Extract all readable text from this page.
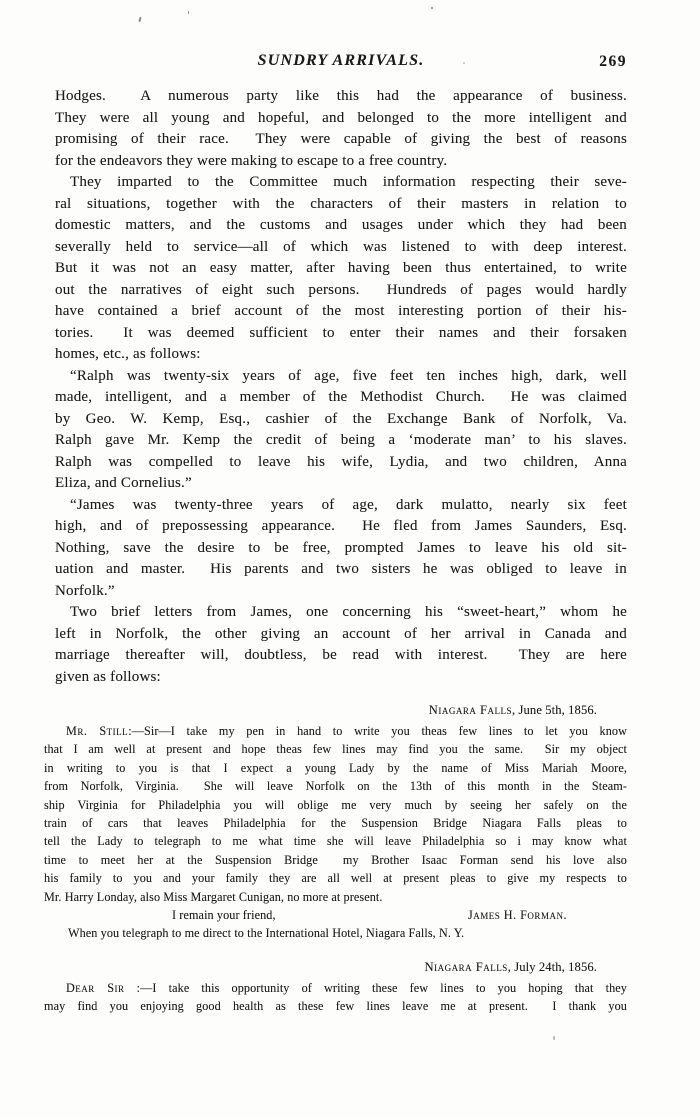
SUNDRY ARRIVALS.	269
Hodges.  A numerous party like this had the appearance of business.
They were all young and hopeful, and belonged to the more intelligent and
promising of their race.  They were capable of giving the best of reasons
for the endeavors they were making to escape to a free country.
They imparted to the Committee much information respecting their seve-
ral situations, together with the characters of their masters in relation to
domestic matters, and the customs and usages under which they had been
severally held to service—all of which was listened to with deep interest.
But it was not an easy matter, after having been thus entertained, to write
out the narratives of eight such persons.  Hundreds of pages would hardly
have contained a brief account of the most interesting portion of their his-
tories.  It was deemed sufficient to enter their names and their forsaken
homes, etc., as follows:
“Ralph was twenty-six years of age, five feet ten inches high, dark, well
made, intelligent, and a member of the Methodist Church.  He was claimed
by Geo. W. Kemp, Esq., cashier of the Exchange Bank of Norfolk, Va.
Ralph gave Mr. Kemp the credit of being a ‘moderate man’ to his slaves.
Ralph was compelled to leave his wife, Lydia, and two children, Anna
Eliza, and Cornelius.”
“James was twenty-three years of age, dark mulatto, nearly six feet
high, and of prepossessing appearance.  He fled from James Saunders, Esq.
Nothing, save the desire to be free, prompted James to leave his old sit-
uation and master.  His parents and two sisters he was obliged to leave in
Norfolk.”
Two brief letters from James, one concerning his “sweet-heart,” whom he
left in Norfolk, the other giving an account of her arrival in Canada and
marriage thereafter will, doubtless, be read with interest.  They are here
given as follows:
Niagara Falls, June 5th, 1856.
Mr. Still:—Sir—I take my pen in hand to write you theas few lines to let you know
that I am well at present and hope theas few lines may find you the same.  Sir my object
in writing to you is that I expect a young Lady by the name of Miss Mariah Moore,
from Norfolk, Virginia.  She will leave Norfolk on the 13th of this month in the Steam-
ship Virginia for Philadelphia you will oblige me very much by seeing her safely on the
train of cars that leaves Philadelphia for the Suspension Bridge Niagara Falls pleas to
tell the Lady to telegraph to me what time she will leave Philadelphia so i may know what
time to meet her at the Suspension Bridge  my Brother Isaac Forman send his love also
his family to you and your family they are all well at present pleas to give my respects to
Mr. Harry Londay, also Miss Margaret Cunigan, no more at present.
I remain your friend,	James H. Forman.
When you telegraph to me direct to the International Hotel, Niagara Falls, N. Y.
Niagara Falls, July 24th, 1856.
Dear Sir :—I take this opportunity of writing these few lines to you hoping that they
may find you enjoying good health as these few lines leave me at present.  I thank you
